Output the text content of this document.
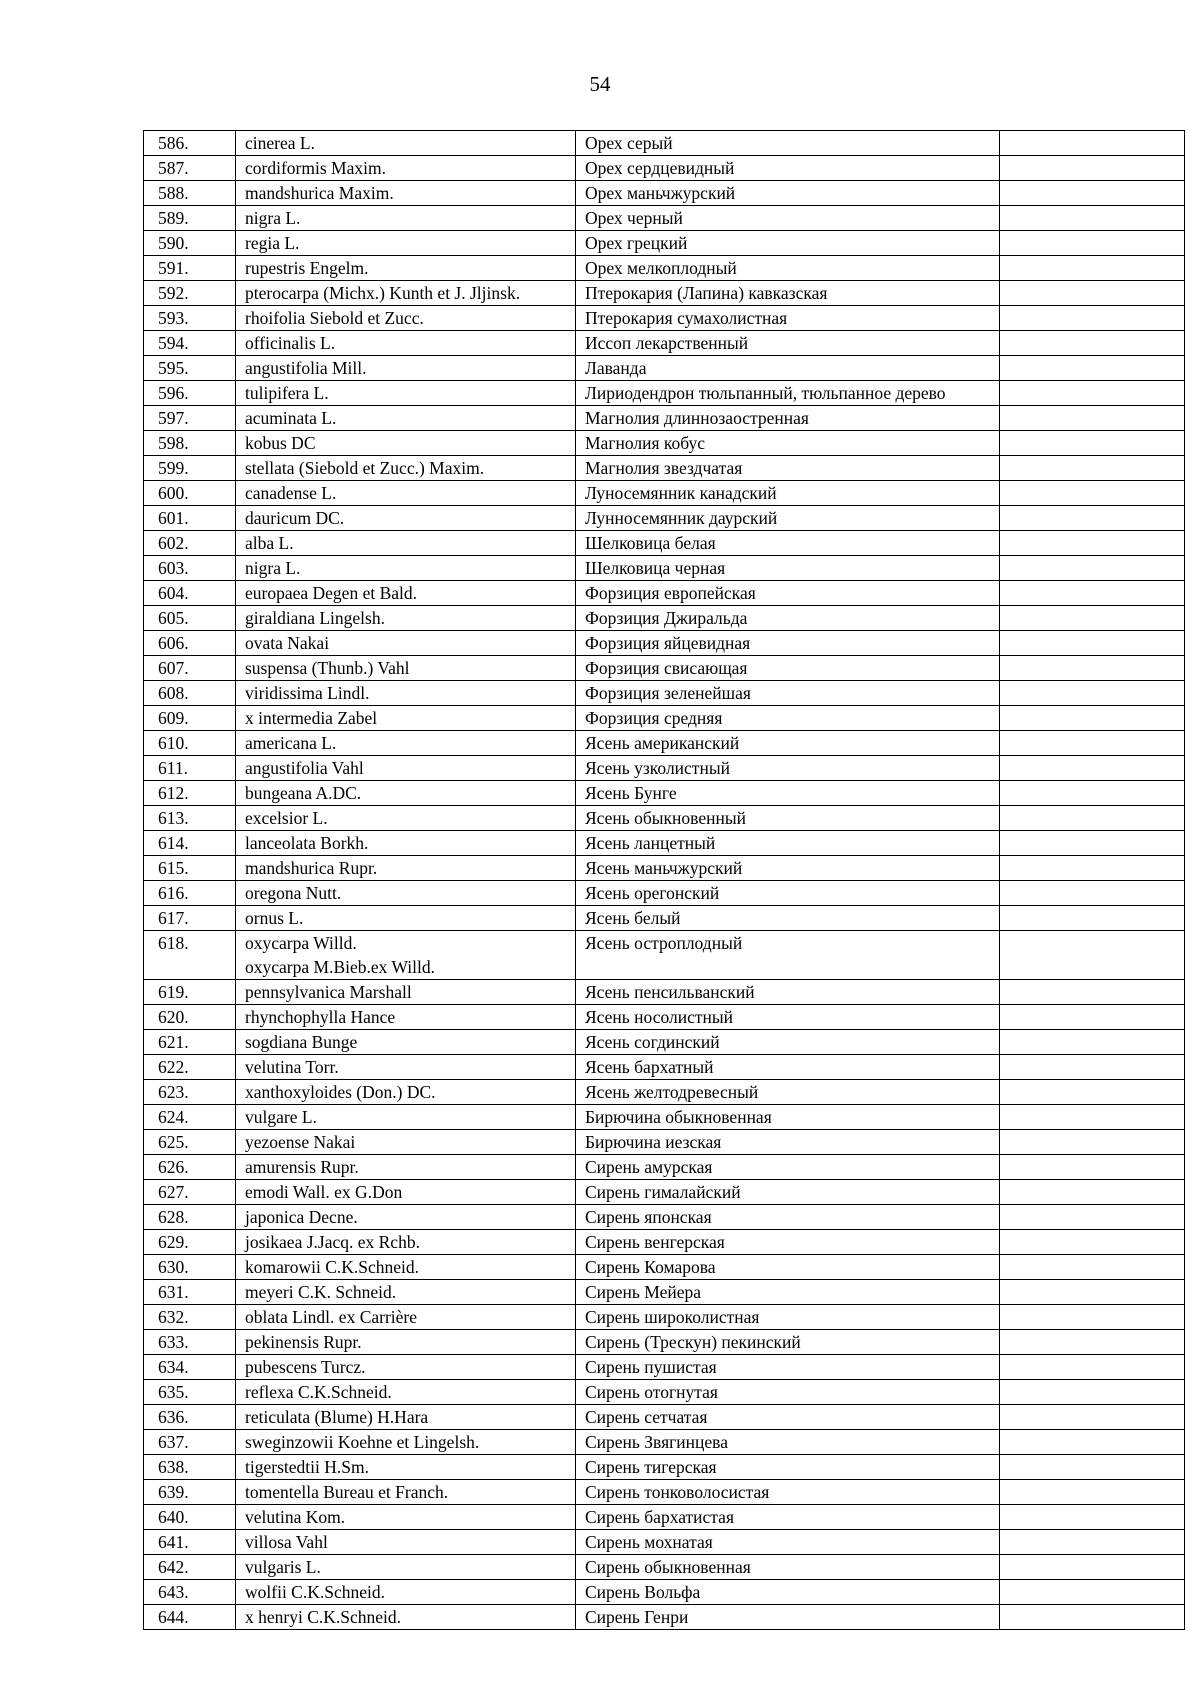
54
586.	cinerea L.	Орех серый	
587.	cordiformis Maxim.	Орех сердцевидный	
588.	mandshurica Maxim.	Орех маньчжурский	
589.	nigra L.	Орех черный	
590.	regia L.	Орех грецкий	
591.	rupestris Engelm.	Орех мелкоплодный	
592.	pterocarpa (Michx.) Kunth et J. Jljinsk.	Птерокария (Лапина) кавказская	
593.	rhoifolia Siebold et Zucc.	Птерокария сумахолистная	
594.	officinalis L.	Иссоп лекарственный	
595.	angustifolia Mill.	Лаванда	
596.	tulipifera L.	Лириодендрон тюльпанный, тюльпанное дерево	
597.	acuminata L.	Магнолия длиннозаостренная	
598.	kobus DC	Магнолия кобус	
599.	stellata (Siebold et Zucc.) Maxim.	Магнолия звездчатая	
600.	canadense L.	Луносемянник канадский	
601.	dauricum DC.	Лунносемянник даурский	
602.	alba L.	Шелковица белая	
603.	nigra L.	Шелковица черная	
604.	europaea Degen et Bald.	Форзиция европейская	
605.	giraldiana Lingelsh.	Форзиция Джиральда	
606.	ovata Nakai	Форзиция яйцевидная	
607.	suspensa (Thunb.) Vahl	Форзиция свисающая	
608.	viridissima Lindl.	Форзиция зеленейшая	
609.	x intermedia Zabel	Форзиция средняя	
610.	americana L.	Ясень американский	
611.	angustifolia Vahl	Ясень узколистный	
612.	bungeana A.DC.	Ясень Бунге	
613.	excelsior L.	Ясень обыкновенный	
614.	lanceolata Borkh.	Ясень ланцетный	
615.	mandshurica Rupr.	Ясень маньчжурский	
616.	oregona Nutt.	Ясень орегонский	
617.	ornus L.	Ясень белый	
618.	oxycarpa Willd.
oxycarpa M.Bieb.ex Willd.	Ясень остроплодный	
619.	pennsylvanica Marshall	Ясень пенсильванский	
620.	rhynchophylla Hance	Ясень носолистный	
621.	sogdiana Bunge	Ясень согдинский	
622.	velutina Torr.	Ясень бархатный	
623.	xanthoxyloides (Don.) DC.	Ясень желтодревесный	
624.	vulgare L.	Бирючина обыкновенная	
625.	yezoense Nakai	Бирючина иезская	
626.	amurensis Rupr.	Сирень амурская	
627.	emodi Wall. ex G.Don	Сирень гималайский	
628.	japonica Decne.	Сирень японская	
629.	josikaea J.Jacq. ex Rchb.	Сирень венгерская	
630.	komarowii C.K.Schneid.	Сирень Комарова	
631.	meyeri C.K. Schneid.	Сирень Мейера	
632.	oblata Lindl. ex Carrière	Сирень широколистная	
633.	pekinensis Rupr.	Сирень (Трескун) пекинский	
634.	pubescens Turcz.	Сирень пушистая	
635.	reflexa C.K.Schneid.	Сирень отогнутая	
636.	reticulata (Blume) H.Hara	Сирень сетчатая	
637.	sweginzowii Koehne et Lingelsh.	Сирень Звягинцева	
638.	tigerstedtii H.Sm.	Сирень тигерская	
639.	tomentella Bureau et Franch.	Сирень тонковолосистая	
640.	velutina Kom.	Сирень бархатистая	
641.	villosa Vahl	Сирень мохнатая	
642.	vulgaris L.	Сирень обыкновенная	
643.	wolfii C.K.Schneid.	Сирень Вольфа	
644.	x henryi C.K.Schneid.	Сирень Генри	
